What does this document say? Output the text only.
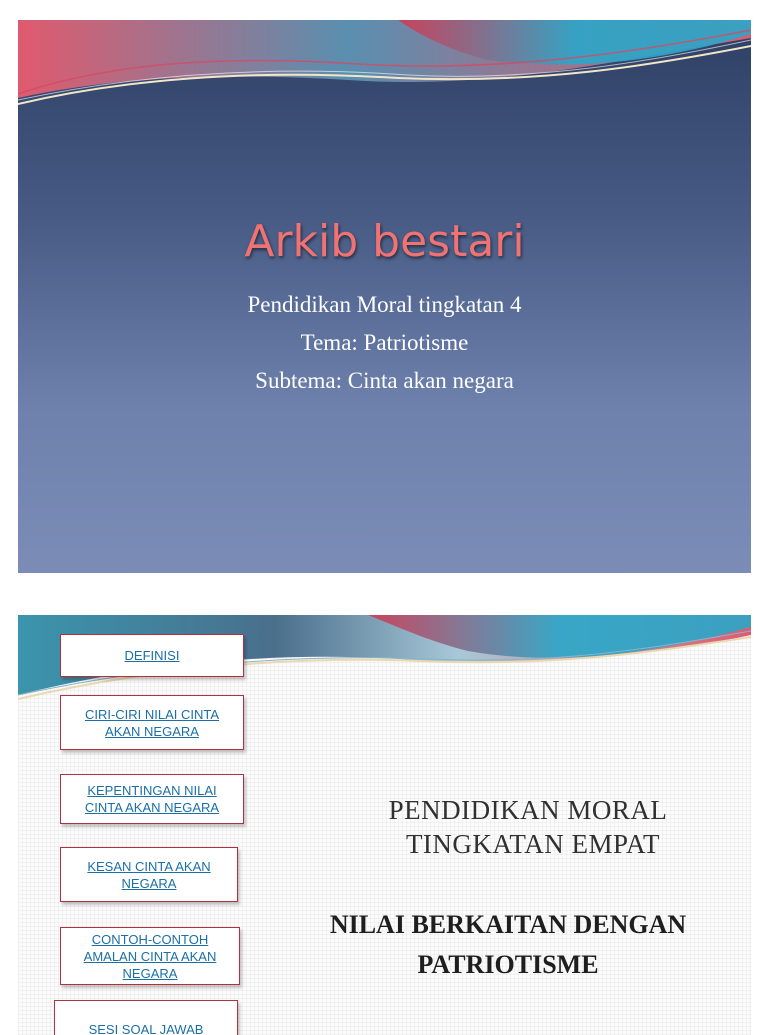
Arkib bestari
Pendidikan Moral tingkatan 4
Tema: Patriotisme
Subtema: Cinta akan negara
DEFINISI
CIRI-CIRI NILAI CINTA AKAN NEGARA
KEPENTINGAN NILAI CINTA AKAN NEGARA
KESAN CINTA AKAN NEGARA
CONTOH-CONTOH AMALAN CINTA AKAN NEGARA
SESI SOAL JAWAB
PENDIDIKAN MORAL
TINGKATAN EMPAT
NILAI BERKAITAN DENGAN
PATRIOTISME
